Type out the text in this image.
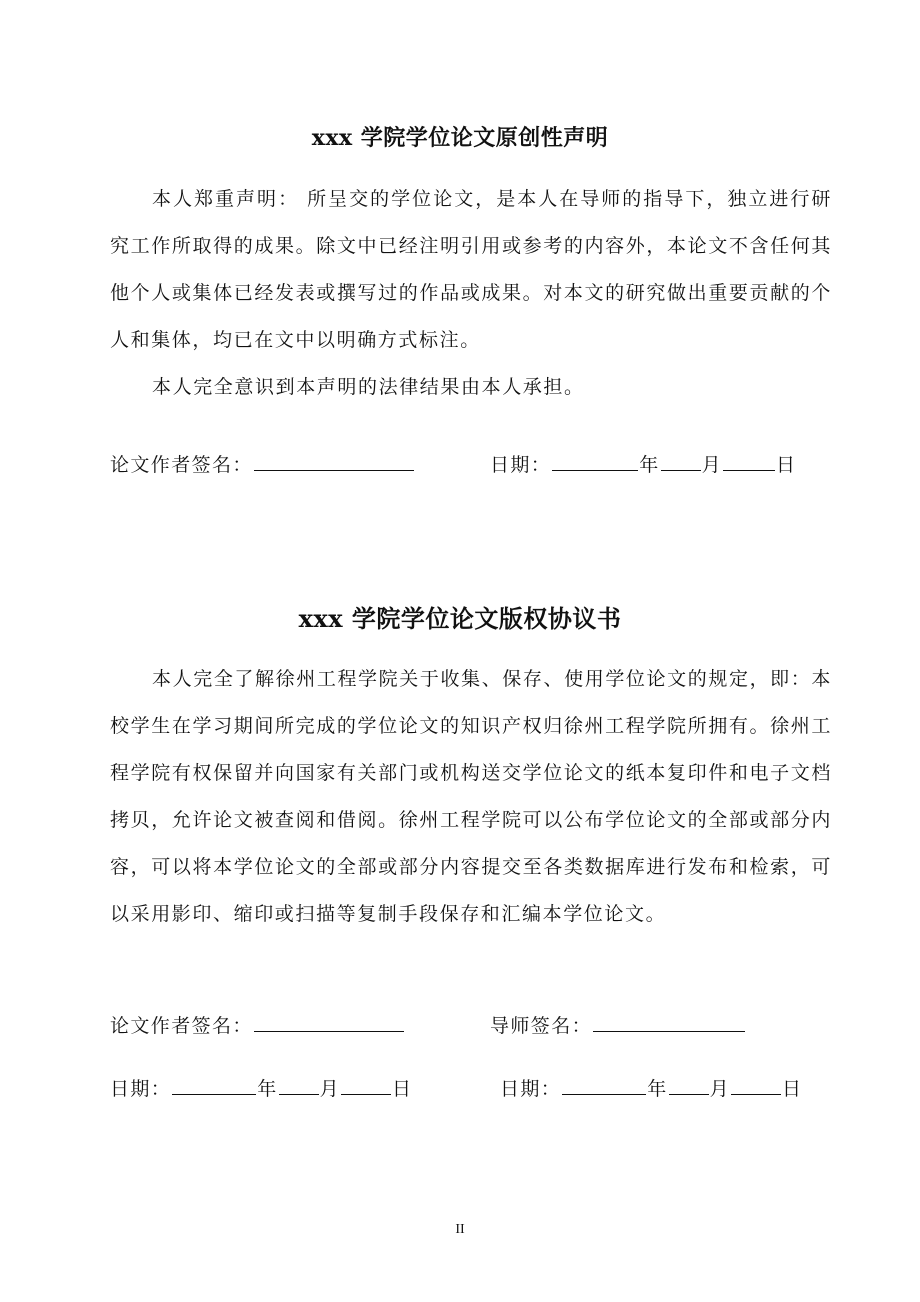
xxx 学院学位论文原创性声明
本人郑重声明： 所呈交的学位论文，是本人在导师的指导下，独立进行研究工作所取得的成果。除文中已经注明引用或参考的内容外，本论文不含任何其他个人或集体已经发表或撰写过的作品或成果。对本文的研究做出重要贡献的个人和集体，均已在文中以明确方式标注。
本人完全意识到本声明的法律结果由本人承担。
论文作者签名：	日期：	年 月	日
xxx 学院学位论文版权协议书
本人完全了解徐州工程学院关于收集、保存、使用学位论文的规定，即：本校学生在学习期间所完成的学位论文的知识产权归徐州工程学院所拥有。徐州工程学院有权保留并向国家有关部门或机构送交学位论文的纸本复印件和电子文档拷贝，允许论文被查阅和借阅。徐州工程学院可以公布学位论文的全部或部分内容，可以将本学位论文的全部或部分内容提交至各类数据库进行发布和检索，可以采用影印、缩印或扫描等复制手段保存和汇编本学位论文。
论文作者签名：	导师签名：
日期：	年 月	日	日期：	年 月	日
II
